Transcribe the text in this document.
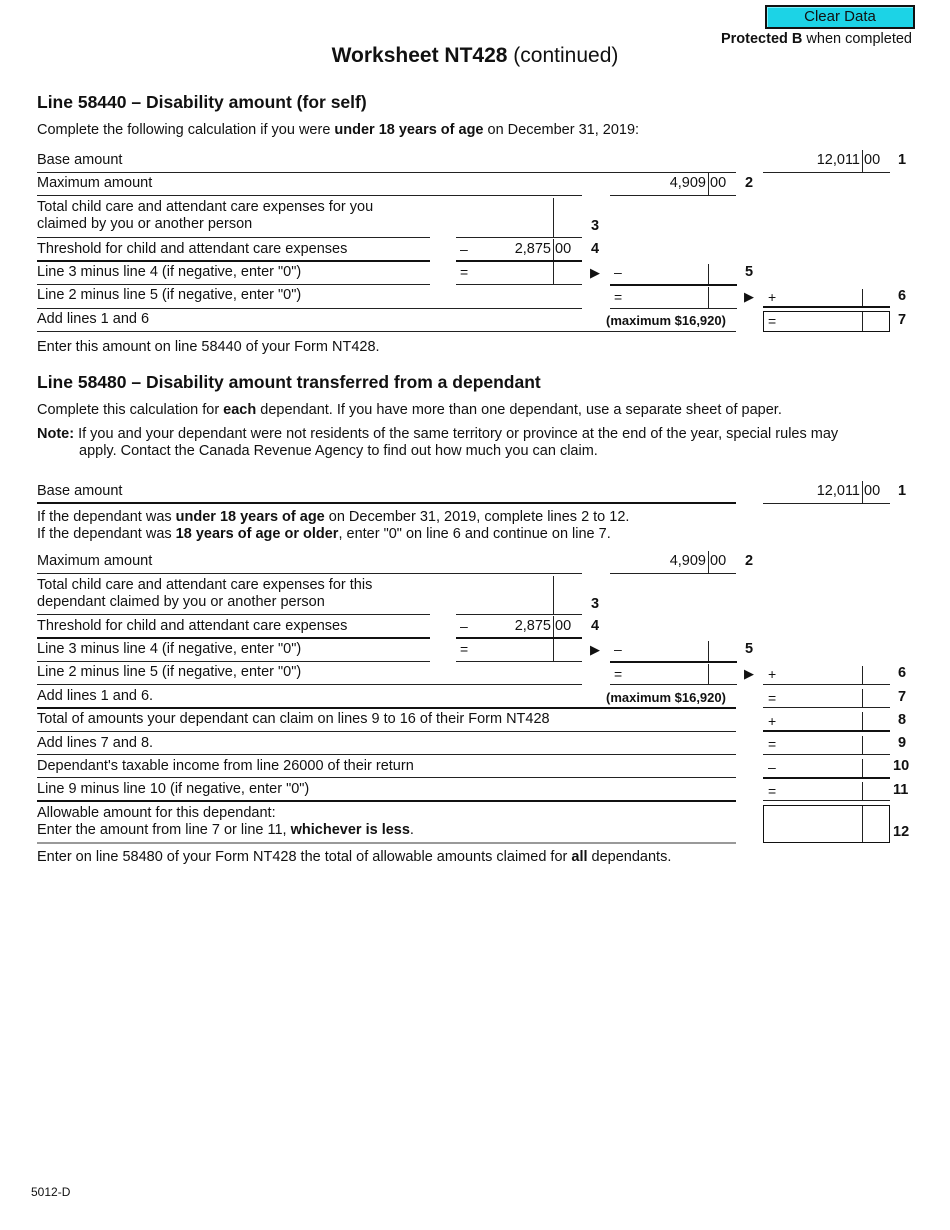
Clear Data
Protected B when completed
Worksheet NT428 (continued)
Line 58440 – Disability amount (for self)
Complete the following calculation if you were under 18 years of age on December 31, 2019:
Base amount	12,011 00 1
Maximum amount	4,909 00 2
Total child care and attendant care expenses for you
claimed by you or another person	3
Threshold for child and attendant care expenses	–	2,875 00 4
Line 3 minus line 4 (if negative, enter "0")	=	▶ –	5
Line 2 minus line 5 (if negative, enter "0")	=	▶ +	6
Add lines 1 and 6	(maximum $16,920)	=	7
Enter this amount on line 58440 of your Form NT428.
Line 58480 – Disability amount transferred from a dependant
Complete this calculation for each dependant. If you have more than one dependant, use a separate sheet of paper.
Note: If you and your dependant were not residents of the same territory or province at the end of the year, special rules may
apply. Contact the Canada Revenue Agency to find out how much you can claim.
Base amount	12,011 00 1
If the dependant was under 18 years of age on December 31, 2019, complete lines 2 to 12.
If the dependant was 18 years of age or older, enter "0" on line 6 and continue on line 7.
Maximum amount	4,909 00 2
Total child care and attendant care expenses for this
dependant claimed by you or another person	3
Threshold for child and attendant care expenses	–	2,875 00 4
Line 3 minus line 4 (if negative, enter "0")	=	▶ –	5
Line 2 minus line 5 (if negative, enter "0")	=	▶ +	6
Add lines 1 and 6.	(maximum $16,920)	=	7
Total of amounts your dependant can claim on lines 9 to 16 of their Form NT428	+	8
Add lines 7 and 8.	=	9
Dependant's taxable income from line 26000 of their return	–	10
Line 9 minus line 10 (if negative, enter "0")	=	11
Allowable amount for this dependant:
Enter the amount from line 7 or line 11, whichever is less.	12
Enter on line 58480 of your Form NT428 the total of allowable amounts claimed for all dependants.
5012-D
